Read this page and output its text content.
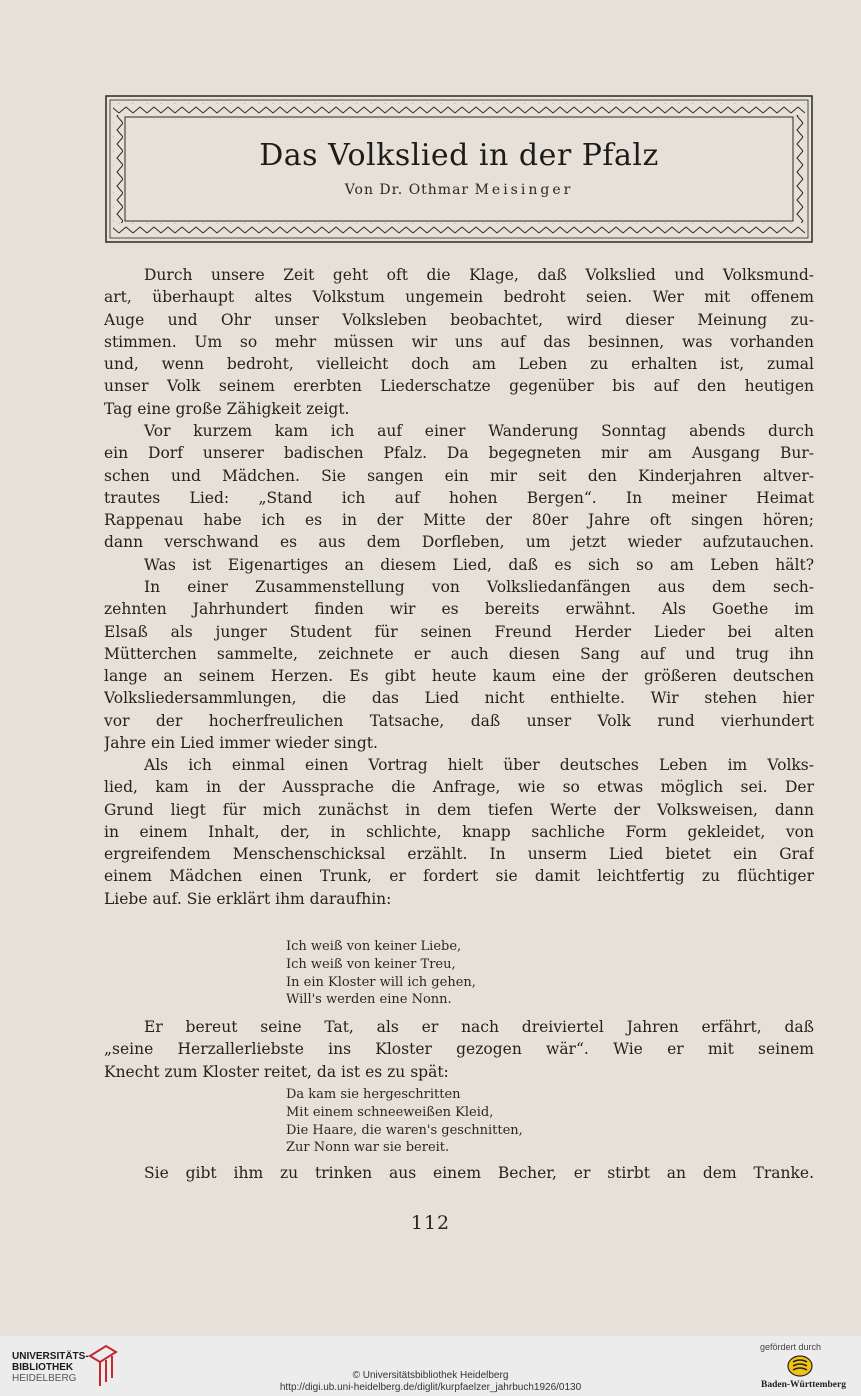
Das Volkslied in der Pfalz
Von Dr. Othmar Meisinger
Durch unsere Zeit geht oft die Klage, daß Volkslied und Volksmund-
art, überhaupt altes Volkstum ungemein bedroht seien. Wer mit offenem
Auge und Ohr unser Volksleben beobachtet, wird dieser Meinung zu-
stimmen. Um so mehr müssen wir uns auf das besinnen, was vorhanden
und, wenn bedroht, vielleicht doch am Leben zu erhalten ist, zumal
unser Volk seinem ererbten Liederschatze gegenüber bis auf den heutigen
Tag eine große Zähigkeit zeigt.
Vor kurzem kam ich auf einer Wanderung Sonntag abends durch
ein Dorf unserer badischen Pfalz. Da begegneten mir am Ausgang Bur-
schen und Mädchen. Sie sangen ein mir seit den Kinderjahren altver-
trautes Lied: „Stand ich auf hohen Bergen“. In meiner Heimat
Rappenau habe ich es in der Mitte der 80er Jahre oft singen hören;
dann verschwand es aus dem Dorfleben, um jetzt wieder aufzutauchen.
Was ist Eigenartiges an diesem Lied, daß es sich so am Leben hält?
In einer Zusammenstellung von Volksliedanfängen aus dem sech-
zehnten Jahrhundert finden wir es bereits erwähnt. Als Goethe im
Elsaß als junger Student für seinen Freund Herder Lieder bei alten
Mütterchen sammelte, zeichnete er auch diesen Sang auf und trug ihn
lange an seinem Herzen. Es gibt heute kaum eine der größeren deutschen
Volksliedersammlungen, die das Lied nicht enthielte. Wir stehen hier
vor der hocherfreulichen Tatsache, daß unser Volk rund vierhundert
Jahre ein Lied immer wieder singt.
Als ich einmal einen Vortrag hielt über deutsches Leben im Volks-
lied, kam in der Aussprache die Anfrage, wie so etwas möglich sei. Der
Grund liegt für mich zunächst in dem tiefen Werte der Volksweisen, dann
in einem Inhalt, der, in schlichte, knapp sachliche Form gekleidet, von
ergreifendem Menschenschicksal erzählt. In unserm Lied bietet ein Graf
einem Mädchen einen Trunk, er fordert sie damit leichtfertig zu flüchtiger
Liebe auf. Sie erklärt ihm daraufhin:
Ich weiß von keiner Liebe,
Ich weiß von keiner Treu,
In ein Kloster will ich gehen,
Will's werden eine Nonn.
Er bereut seine Tat, als er nach dreiviertel Jahren erfährt, daß
„seine Herzallerliebste ins Kloster gezogen wär“. Wie er mit seinem
Knecht zum Kloster reitet, da ist es zu spät:
Da kam sie hergeschritten
Mit einem schneeweißen Kleid,
Die Haare, die waren's geschnitten,
Zur Nonn war sie bereit.
Sie gibt ihm zu trinken aus einem Becher, er stirbt an dem Tranke.
112
UNIVERSITÄTS-
BIBLIOTHEK
HEIDELBERG	© Universitätsbibliothek Heidelberg
http://digi.ub.uni-heidelberg.de/diglit/kurpfaelzer_jahrbuch1926/0130
gefördert durch
Baden-Württemberg
